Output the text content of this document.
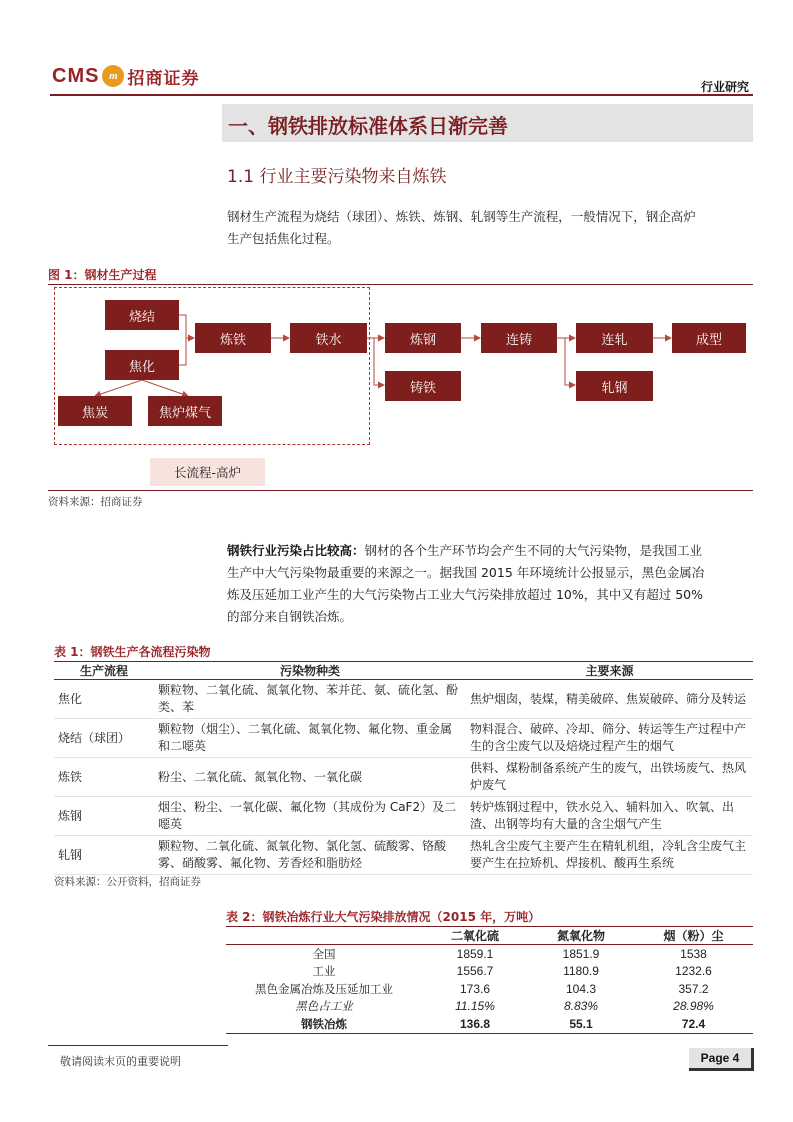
CMS m 招商证券	行业研究
一、钢铁排放标准体系日渐完善
1.1 行业主要污染物来自炼铁
钢材生产流程为烧结（球团）、炼铁、炼钢、轧钢等生产流程，一般情况下，钢企高炉
生产包括焦化过程。
图 1：钢材生产过程
烧结
焦化
焦炭	焦炉煤气
炼铁	铁水	炼钢
铸铁
连铸	连轧	成型
轧钢
长流程-高炉
资料来源：招商证券
钢铁行业污染占比较高：钢材的各个生产环节均会产生不同的大气污染物，是我国工业
生产中大气污染物最重要的来源之一。据我国 2015 年环境统计公报显示，黑色金属冶
炼及压延加工业产生的大气污染物占工业大气污染排放超过 10%，其中又有超过 50%
的部分来自钢铁冶炼。
表 1：钢铁生产各流程污染物
生产流程	污染物种类	主要来源
焦化	颗粒物、二氧化硫、氮氧化物、苯并芘、氨、硫化氢、酚类、苯	焦炉烟囱，装煤，精美破碎、焦炭破碎、筛分及转运
烧结（球团）	颗粒物（烟尘）、二氧化硫、氮氧化物、氟化物、重金属和二噁英	物料混合、破碎、冷却、筛分、转运等生产过程中产生的含尘废气以及焙烧过程产生的烟气
炼铁	粉尘、二氧化硫、氮氧化物、一氧化碳	供料、煤粉制备系统产生的废气，出铁场废气、热风炉废气
炼钢	烟尘、粉尘、一氧化碳、氟化物（其成份为 CaF2）及二噁英	转炉炼钢过程中，铁水兑入、辅料加入、吹氧、出渣、出钢等均有大量的含尘烟气产生
轧钢	颗粒物、二氧化硫、氮氧化物、氯化氢、硫酸雾、铬酸雾、硝酸雾、氟化物、芳香烃和脂肪烃	热轧含尘废气主要产生在精轧机组，冷轧含尘废气主要产生在拉矫机、焊接机、酸再生系统
资料来源：公开资料，招商证券
表 2：钢铁冶炼行业大气污染排放情况（2015 年，万吨）
	二氧化硫	氮氧化物	烟（粉）尘
全国	1859.1	1851.9	1538
工业	1556.7	1180.9	1232.6
黑色金属冶炼及压延加工业	173.6	104.3	357.2
黑色占工业	11.15%	8.83%	28.98%
钢铁冶炼	136.8	55.1	72.4
敬请阅读末页的重要说明	Page 4
